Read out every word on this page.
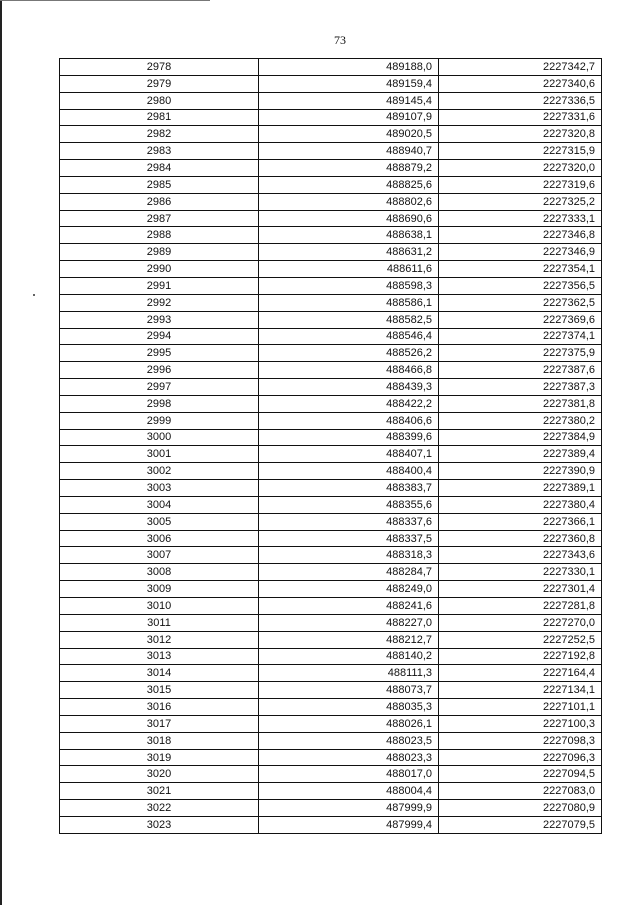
73
2978	489188,0	2227342,7
2979	489159,4	2227340,6
2980	489145,4	2227336,5
2981	489107,9	2227331,6
2982	489020,5	2227320,8
2983	488940,7	2227315,9
2984	488879,2	2227320,0
2985	488825,6	2227319,6
2986	488802,6	2227325,2
2987	488690,6	2227333,1
2988	488638,1	2227346,8
2989	488631,2	2227346,9
2990	488611,6	2227354,1
2991	488598,3	2227356,5
2992	488586,1	2227362,5
2993	488582,5	2227369,6
2994	488546,4	2227374,1
2995	488526,2	2227375,9
2996	488466,8	2227387,6
2997	488439,3	2227387,3
2998	488422,2	2227381,8
2999	488406,6	2227380,2
3000	488399,6	2227384,9
3001	488407,1	2227389,4
3002	488400,4	2227390,9
3003	488383,7	2227389,1
3004	488355,6	2227380,4
3005	488337,6	2227366,1
3006	488337,5	2227360,8
3007	488318,3	2227343,6
3008	488284,7	2227330,1
3009	488249,0	2227301,4
3010	488241,6	2227281,8
3011	488227,0	2227270,0
3012	488212,7	2227252,5
3013	488140,2	2227192,8
3014	488111,3	2227164,4
3015	488073,7	2227134,1
3016	488035,3	2227101,1
3017	488026,1	2227100,3
3018	488023,5	2227098,3
3019	488023,3	2227096,3
3020	488017,0	2227094,5
3021	488004,4	2227083,0
3022	487999,9	2227080,9
3023	487999,4	2227079,5
